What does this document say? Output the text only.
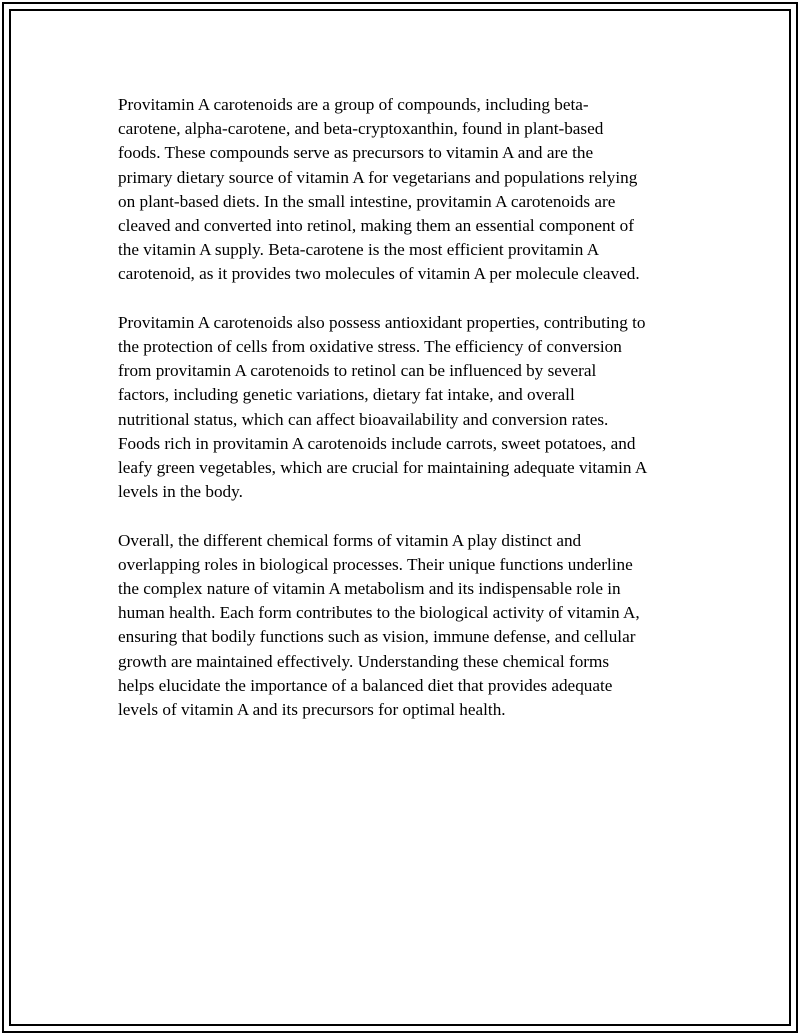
Provitamin A carotenoids are a group of compounds, including beta-
carotene, alpha-carotene, and beta-cryptoxanthin, found in plant-based
foods. These compounds serve as precursors to vitamin A and are the
primary dietary source of vitamin A for vegetarians and populations relying
on plant-based diets. In the small intestine, provitamin A carotenoids are
cleaved and converted into retinol, making them an essential component of
the vitamin A supply. Beta-carotene is the most efficient provitamin A
carotenoid, as it provides two molecules of vitamin A per molecule cleaved.

Provitamin A carotenoids also possess antioxidant properties, contributing to
the protection of cells from oxidative stress. The efficiency of conversion
from provitamin A carotenoids to retinol can be influenced by several
factors, including genetic variations, dietary fat intake, and overall
nutritional status, which can affect bioavailability and conversion rates.
Foods rich in provitamin A carotenoids include carrots, sweet potatoes, and
leafy green vegetables, which are crucial for maintaining adequate vitamin A
levels in the body.

Overall, the different chemical forms of vitamin A play distinct and
overlapping roles in biological processes. Their unique functions underline
the complex nature of vitamin A metabolism and its indispensable role in
human health. Each form contributes to the biological activity of vitamin A,
ensuring that bodily functions such as vision, immune defense, and cellular
growth are maintained effectively. Understanding these chemical forms
helps elucidate the importance of a balanced diet that provides adequate
levels of vitamin A and its precursors for optimal health.
